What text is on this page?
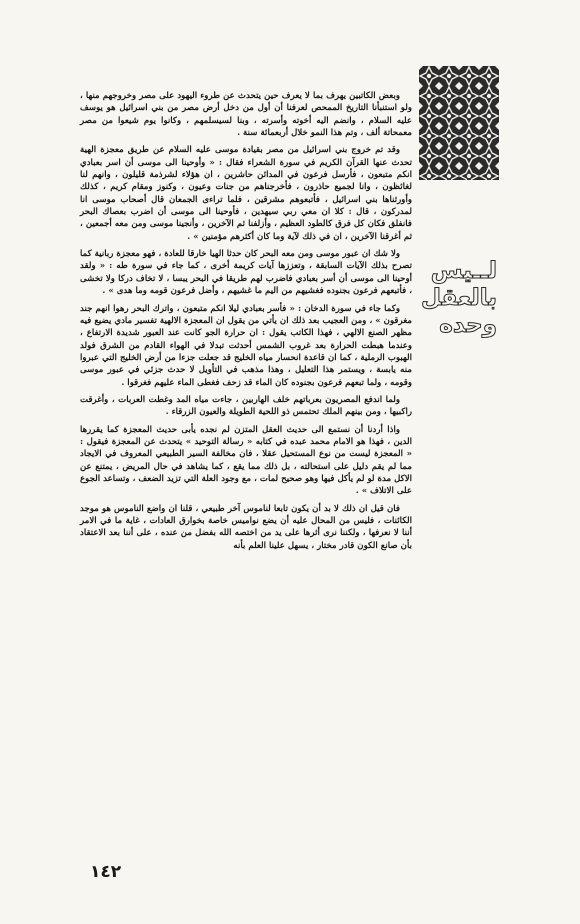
لــيس
بالعقل
وحده

وبعض الكاتبين يهرف بما لا يعرف حين يتحدث عن طروء اليهود على مصر وخروجهم منها ، ولو استنبأنا التاريخ الممحص لعرفنا أن أول من دخل أرض مصر من بني اسرائيل هو يوسف عليه السلام ، وانضم اليه أخوته وأسرته ، وبنا لسيسلمهم ، وكانوا يوم شيعوا من مصر معمحاتة ألف ، وتم هذا النمو خلال أربعمائة سنة .

وقد تم خروج بني اسرائيل من مصر بقيادة موسى عليه السلام عن طريق معجزة الهية تحدث عنها القرآن الكريم في سورة الشعراء فقال : « وأوحينا الى موسى أن اسر بعبادي انكم متبعون ، فأرسل فرعون في المدائن حاشرين ، ان هؤلاء لشرذمة قليلون ، وانهم لنا لغائظون ، وانا لجميع حاذرون ، فأخرجناهم من جنات وعيون ، وكنوز ومقام كريم ، كذلك وأورثناها بني اسرائيل ، فأتبعوهم مشرقين ، فلما تراءى الجمعان قال أصحاب موسى انا لمدركون ، قال : كلا ان معي ربي سيهدين ، فأوحينا الى موسى أن اضرب بعصاك البحر فانفلق فكان كل فرق كالطود العظيم ، وأزلفنا ثم الآخرين ، وأنجينا موسى ومن معه أجمعين ، ثم أغرقنا الآخرين ، ان في ذلك لآية وما كان أكثرهم مؤمنين » .

ولا شك ان عبور موسى ومن معه البحر كان حدثا الهيا خارقا للعادة ، فهو معجزة ربانية كما تصرح بذلك الآيات السابقة ، وتعززها آيات كريمة أخرى ، كما جاء في سورة طه : « ولقد أوحينا الى موسى أن أسر بعبادي فاضرب لهم طريقا في البحر يبسا ، لا تخاف دركا ولا تخشى ، فأتبعهم فرعون بجنوده فغشيهم من اليم ما غشيهم ، وأضل فرعون قومه وما هدى » .

وكما جاء في سورة الدخان : « فأسر بعبادي ليلا انكم متبعون ، واترك البحر رهوا انهم جند مغرقون » ، ومن العجيب بعد ذلك ان يأتي من يقول ان المعجزة الالهية تفسير مادي يضيع فيه مظهر الصنع الالهي ، فهذا الكاتب يقول : ان حرارة الجو كانت عند العبور شديدة الارتفاع ، وعندما هبطت الحرارة بعد غروب الشمس أحدثت تبدلا في الهواء القادم من الشرق فولد الهبوب الرملية ، كما ان قاعدة انحسار مياه الخليج قد جعلت جزءا من أرض الخليج التي عبروا منه يابسة ، ويستمر هذا التعليل ، وهذا مذهب في التأويل لا حدث جزئي في عبور موسى وقومه ، ولما تبعهم فرعون بجنوده كان الماء قد زحف فغطى الماء عليهم فغرقوا .

ولما اندفع المصريون بعرباتهم خلف الهاربين ، جاءت مياه المد وغطت العربات ، وأغرقت راكبيها ، ومن بينهم الملك تحتمس ذو اللحية الطويلة والعيون الزرقاء .

واذا أردنا أن نستمع الى حديث العقل المتزن لم نجده يأبى حديث المعجزة كما يقررها الدين ، فهذا هو الامام محمد عبده في كتابه « رسالة التوحيد » يتحدث عن المعجزة فيقول : « المعجزة ليست من نوع المستحيل عقلا ، فان مخالفة السير الطبيعي المعروف في الايجاد مما لم يقم دليل على استحالته ، بل ذلك مما يقع ، كما يشاهد في حال المريض ، يمتنع عن الاكل مدة لو لم يأكل فيها وهو صحيح لمات ، مع وجود العلة التي تزيد الضعف ، وتساعد الجوع على الاتلاف » .

فان قيل ان ذلك لا بد أن يكون تابعا لناموس آخر طبيعي ، قلنا ان واضع الناموس هو موجد الكائنات ، فليس من المحال عليه أن يضع نواميس خاصة بخوارق العادات ، غاية ما في الامر أننا لا نعرفها ، ولكننا نرى أثرها على يد من اختصه الله بفضل من عنده ، على أننا بعد الاعتقاد بأن صانع الكون قادر مختار ، يسهل علينا العلم بأنه

١٤٢
